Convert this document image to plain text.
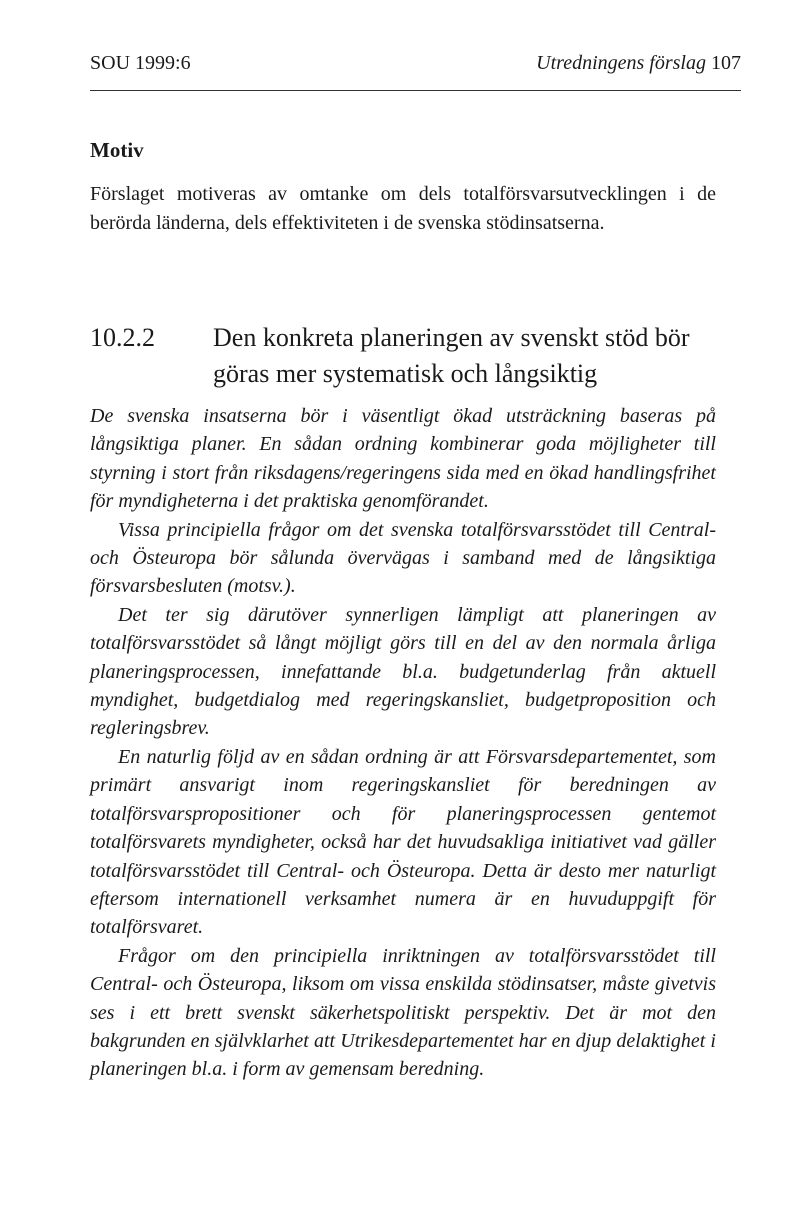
SOU 1999:6	Utredningens förslag 107
Motiv
Förslaget motiveras av omtanke om dels totalförsvarsutvecklingen i de berörda länderna, dels effektiviteten i de svenska stödinsatserna.
10.2.2 Den konkreta planeringen av svenskt stöd bör göras mer systematisk och långsiktig

De svenska insatserna bör i väsentligt ökad utsträckning baseras på långsiktiga planer. En sådan ordning kombinerar goda möjligheter till styrning i stort från riksdagens/regeringens sida med en ökad handlingsfrihet för myndigheterna i det praktiska genomförandet.

Vissa principiella frågor om det svenska totalförsvarsstödet till Central- och Östeuropa bör sålunda övervägas i samband med de långsiktiga försvarsbesluten (motsv.).

Det ter sig därutöver synnerligen lämpligt att planeringen av totalförsvarsstödet så långt möjligt görs till en del av den normala årliga planeringsprocessen, innefattande bl.a. budgetunderlag från aktuell myndighet, budgetdialog med regeringskansliet, budgetproposition och regleringsbrev.

En naturlig följd av en sådan ordning är att Försvarsdepartementet, som primärt ansvarigt inom regeringskansliet för beredningen av totalförsvarspropositioner och för planeringsprocessen gentemot totalförsvarets myndigheter, också har det huvudsakliga initiativet vad gäller totalförsvarsstödet till Central- och Östeuropa. Detta är desto mer naturligt eftersom internationell verksamhet numera är en huvuduppgift för totalförsvaret.

Frågor om den principiella inriktningen av totalförsvarsstödet till Central- och Östeuropa, liksom om vissa enskilda stödinsatser, måste givetvis ses i ett brett svenskt säkerhetspolitiskt perspektiv. Det är mot den bakgrunden en självklarhet att Utrikesdepartementet har en djup delaktighet i planeringen bl.a. i form av gemensam beredning.
